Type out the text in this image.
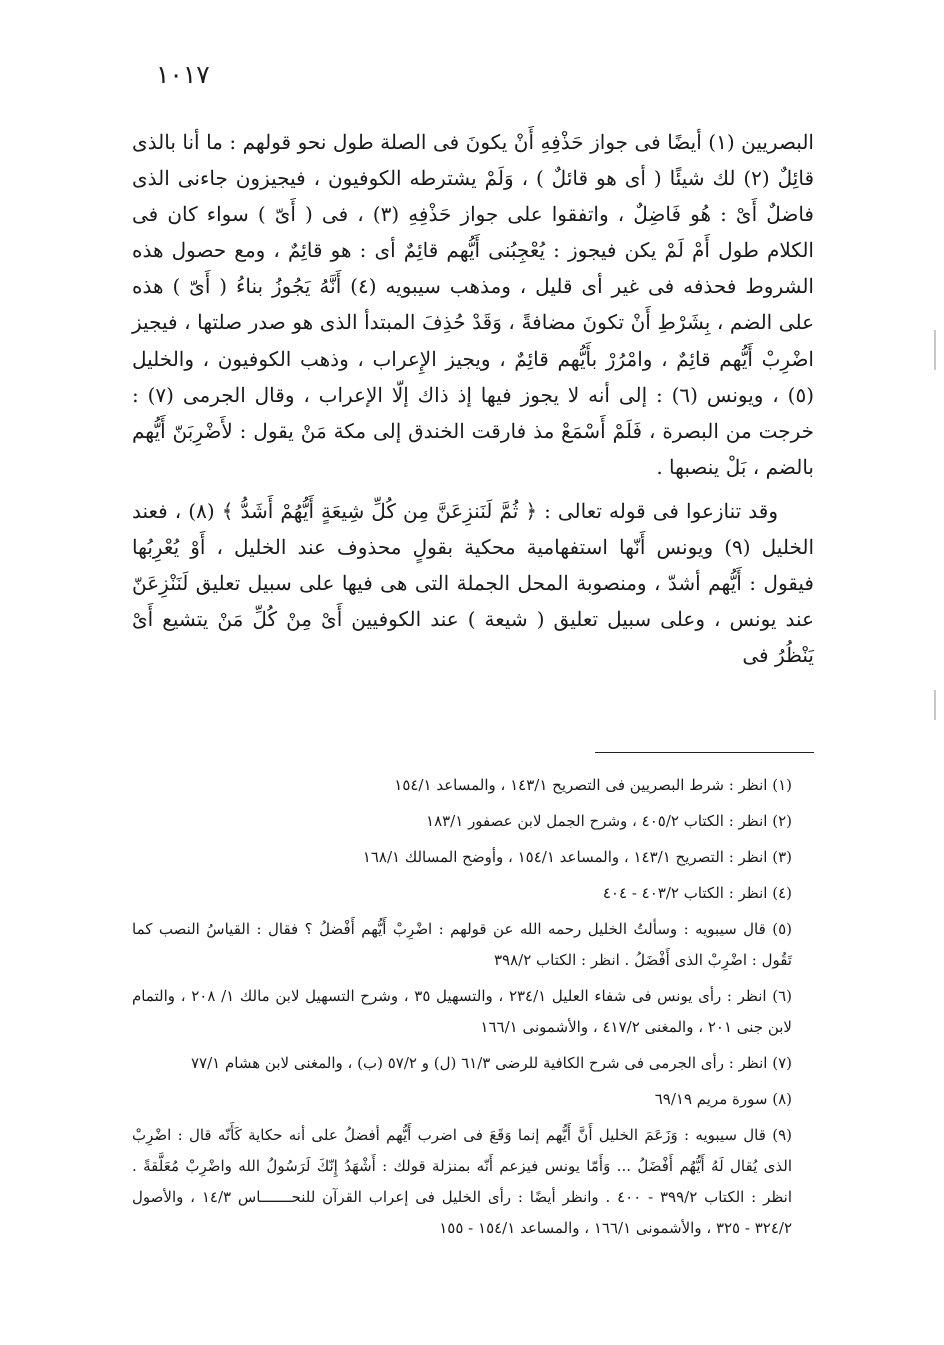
١٠١٧

البصريين (١) أيضًا فى جواز حَذْفِهِ أَنْ يكونَ فى الصلة طول نحو قولهم : ما أنا بالذى قائِلٌ (٢) لك شيئًا ( أى هو قائلٌ ) ، وَلَمْ يشترطه الكوفيون ، فيجيزون جاءنى الذى فاضلٌ أَىْ : هُو فَاضِلٌ ، واتفقوا على جواز حَذْفِهِ (٣) ، فى ( أَىّ ) سواء كان فى الكلام طول أَمْ لَمْ يكن فيجوز : يُعْجِبُنى أَيُّهم قائِمٌ أى : هو قائِمٌ ، ومع حصول هذه الشروط فحذفه فى غير أى قليل ، ومذهب سيبويه (٤) أَنَّهُ يَجُوزُ بناءُ ( أَىّ ) هذه على الضم ، بِشَرْطِ أَنْ تكونَ مضافةً ، وَقَدْ حُذِفَ المبتدأ الذى هو صدر صلتها ، فيجيز اضْرِبْ أَيُّهم قائِمٌ ، وامْرُرْ بأَيُّهم قائِمٌ ، ويجيز الإِعراب ، وذهب الكوفيون ، والخليل (٥) ، ويونس (٦) : إلى أنه لا يجوز فيها إذ ذاك إلّا الإعراب ، وقال الجرمى (٧) : خرجت من البصرة ، فَلَمْ أَسْمَعْ مذ فارقت الخندق إلى مكة مَنْ يقول : لأَضْرِبَنّ أَيُّهم بالضم ، بَلْ ينصبها .

وقد تنازعوا فى قوله تعالى : ﴿ ثُمَّ لَنَنزِعَنَّ مِن كُلِّ شِيعَةٍ أَيُّهُمْ أَشَدُّ ﴾ (٨) ، فعند الخليل (٩) ويونس أَنّها استفهامية محكية بقولٍ محذوف عند الخليل ، أَوْ يُعْرِبُها فيقول : أَيُّهم أشدّ ، ومنصوبة المحل الجملة التى هى فيها على سبيل تعليق لَنَنْزِعَنّ عند يونس ، وعلى سبيل تعليق ( شيعة ) عند الكوفيين أَىْ مِنْ كُلِّ مَنْ يتشيع أَىْ يَنْظُرُ فى

(١) انظر : شرط البصريين فى التصريح ١٤٣/١ ، والمساعد ١٥٤/١

(٢) انظر : الكتاب ٤٠٥/٢ ، وشرح الجمل لابن عصفور ١٨٣/١

(٣) انظر : التصريح ١٤٣/١ ، والمساعد ١٥٤/١ ، وأوضح المسالك ١٦٨/١

(٤) انظر : الكتاب ٤٠٣/٢ - ٤٠٤

(٥) قال سيبويه : وسألتُ الخليل رحمه الله عن قولهم : اضْرِبْ أَيُّهم أَفْضلُ ؟ فقال : القياسُ النصب كما تَقُول : اضْرِبْ الذى أَفْضَلُ . انظر : الكتاب ٣٩٨/٢

(٦) انظر : رأى يونس فى شفاء العليل ٢٣٤/١ ، والتسهيل ٣٥ ، وشرح التسهيل لابن مالك ١/ ٢٠٨ ، والتمام لابن جنى ٢٠١ ، والمغنى ٤١٧/٢ ، والأشمونى ١٦٦/١

(٧) انظر : رأى الجرمى فى شرح الكافية للرضى ٦١/٣ (ل) و ٥٧/٢ (ب) ، والمغنى لابن هشام ٧٧/١

(٨) سورة مريم ٦٩/١٩

(٩) قال سيبويه : وَزَعَمَ الخليل أَنَّ أَيُّهم إنما وَقَعَ فى اضرب أَيُّهم أفضلُ على أنه حكاية كَأَنّه قال : اضْرِبْ الذى يُقال لَهُ أَيُّهُم أَفْضَلُ ... وَأَمّا يونس فيزعم أَنّه بمنزلة قولك : أَشْهَدُ إِنّكَ لَرَسُولُ الله واضْرِبْ مُعَلَّقةً . انظر : الكتاب ٣٩٩/٢ - ٤٠٠ . وانظر أيضًا : رأى الخليل فى إعراب القرآن للنحـــــــاس ١٤/٣ ، والأصول ٣٢٤/٢ - ٣٢٥ ، والأشمونى ١٦٦/١ ، والمساعد ١٥٤/١ - ١٥٥
